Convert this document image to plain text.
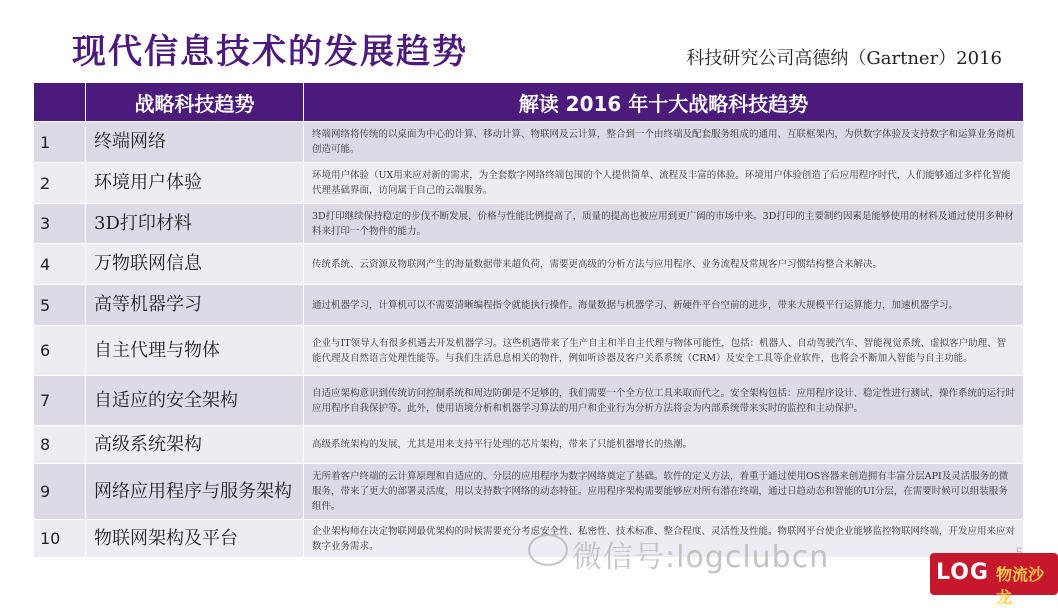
现代信息技术的发展趋势	科技研究公司高德纳（Gartner）2016
	战略科技趋势	解读 2016 年十大战略科技趋势
1	终端网络	终端网络将传统的以桌面为中心的计算、移动计算、物联网及云计算，整合到一个由终端及配套服务组成的通用、互联框架内，为供数字体验及支持数字和运算业务商机创造可能。
2	环境用户体验	环境用户体验（UX用来应对新的需求，为全套数字网络终端包围的个人提供简单、流程及丰富的体验。环境用户体验创造了后应用程序时代，人们能够通过多样化智能代理基础界面，访问属于自己的云端服务。
3	3D打印材料	3D打印继续保持稳定的步伐不断发展，价格与性能比例提高了，质量的提高也被应用到更广阔的市场中来。3D打印的主要制约因素是能够使用的材料及通过使用多种材料来打印一个物件的能力。
4	万物联网信息	传统系统、云资源及物联网产生的海量数据带来超负荷，需要更高级的分析方法与应用程序、业务流程及常规客户习惯结构整合来解决。
5	高等机器学习	通过机器学习，计算机可以不需要清晰编程指令就能执行操作。海量数据与机器学习、新硬件平台空前的进步，带来大规模平行运算能力，加速机器学习。
6	自主代理与物体	企业与IT领导人有很多机遇去开发机器学习。这些机遇带来了生产自主和半自主代理与物体可能性，包括：机器人、自动驾驶汽车、智能视觉系统、虚拟客户助理、智能代理及自然语言处理性能等。与我们生活息息相关的物件，例如听诊器及客户关系系统（CRM）及安全工具等企业软件，也将会不断加入智能与自主功能。
7	自适应的安全架构	自适应架构意识到传统访问控制系统和周边防御是不足够的，我们需要一个全方位工具来取而代之。安全架构包括：应用程序设计、稳定性进行测试，操作系统的运行时应用程序自我保护等。此外，使用语境分析和机器学习算法的用户和企业行为分析方法将会为内部系统带来实时的监控和主动保护。
8	高级系统架构	高级系统架构的发展，尤其是用来支持平行处理的芯片架构，带来了只能机器增长的热潮。
9	网络应用程序与服务架构	无所着客户终端的云计算原理和自适应的、分层的应用程序为数字网络奠定了基础。软件的定义方法，着重于通过使用OS容器来创造拥有丰富分层API及灵活服务的微服务，带来了更大的部署灵活度，用以支持数字网络的动态特征。应用程序架构需要能够应对所有潜在终端，通过日趋动态和智能的UI分层，在需要时候可以组装服务组件。
10	物联网架构及平台	企业架构师在决定物联网最优架构的时候需要充分考虑安全性、私密性、技术标准、整合程度、灵活性及性能。物联网平台使企业能够监控物联网终端，开发应用来应对数字业务需求。	微信号:logclubcn	LOG 物流沙龙
